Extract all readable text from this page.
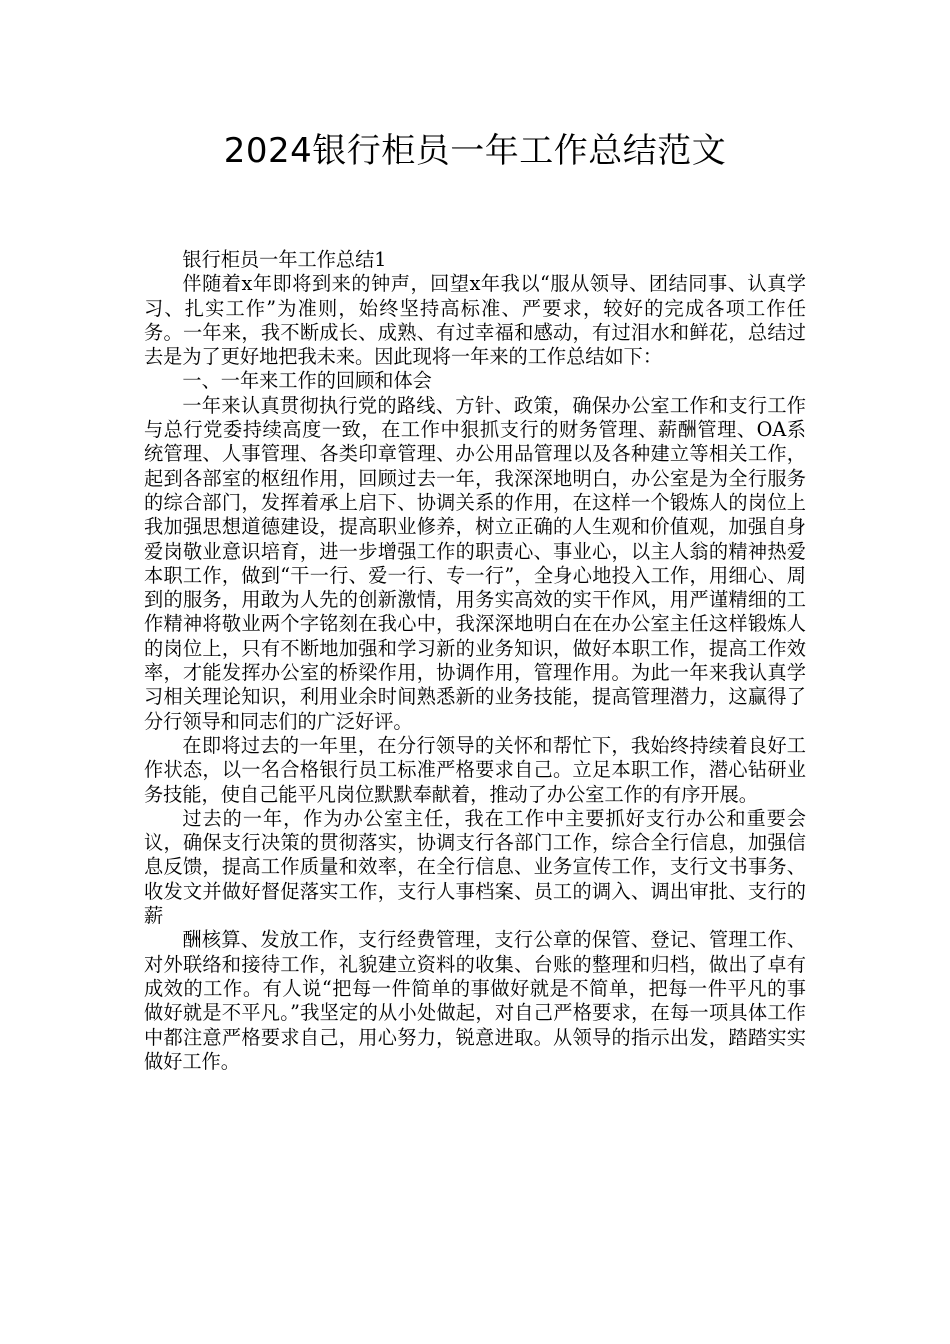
2024银行柜员一年工作总结范文

银行柜员一年工作总结1

伴随着x年即将到来的钟声，回望x年我以“服从领导、团结同事、认真学习、扎实工作”为准则，始终坚持高标准、严要求，较好的完成各项工作任务。一年来，我不断成长、成熟、有过幸福和感动，有过泪水和鲜花，总结过去是为了更好地把我未来。因此现将一年来的工作总结如下：

一、一年来工作的回顾和体会

一年来认真贯彻执行党的路线、方针、政策，确保办公室工作和支行工作与总行党委持续高度一致，在工作中狠抓支行的财务管理、薪酬管理、OA系统管理、人事管理、各类印章管理、办公用品管理以及各种建立等相关工作，起到各部室的枢纽作用，回顾过去一年，我深深地明白，办公室是为全行服务的综合部门，发挥着承上启下、协调关系的作用，在这样一个锻炼人的岗位上我加强思想道德建设，提高职业修养，树立正确的人生观和价值观，加强自身爱岗敬业意识培育，进一步增强工作的职责心、事业心，以主人翁的精神热爱本职工作，做到“干一行、爱一行、专一行”，全身心地投入工作，用细心、周到的服务，用敢为人先的创新激情，用务实高效的实干作风，用严谨精细的工作精神将敬业两个字铭刻在我心中，我深深地明白在在办公室主任这样锻炼人的岗位上，只有不断地加强和学习新的业务知识，做好本职工作，提高工作效率，才能发挥办公室的桥梁作用，协调作用，管理作用。为此一年来我认真学习相关理论知识，利用业余时间熟悉新的业务技能，提高管理潜力，这赢得了分行领导和同志们的广泛好评。

在即将过去的一年里，在分行领导的关怀和帮忙下，我始终持续着良好工作状态，以一名合格银行员工标准严格要求自己。立足本职工作，潜心钻研业务技能，使自己能平凡岗位默默奉献着，推动了办公室工作的有序开展。

过去的一年，作为办公室主任，我在工作中主要抓好支行办公和重要会议，确保支行决策的贯彻落实，协调支行各部门工作，综合全行信息，加强信息反馈，提高工作质量和效率，在全行信息、业务宣传工作，支行文书事务、收发文并做好督促落实工作，支行人事档案、员工的调入、调出审批、支行的薪

酬核算、发放工作，支行经费管理，支行公章的保管、登记、管理工作、对外联络和接待工作，礼貌建立资料的收集、台账的整理和归档，做出了卓有成效的工作。有人说“把每一件简单的事做好就是不简单，把每一件平凡的事做好就是不平凡。”我坚定的从小处做起，对自己严格要求，在每一项具体工作中都注意严格要求自己，用心努力，锐意进取。从领导的指示出发，踏踏实实做好工作。
